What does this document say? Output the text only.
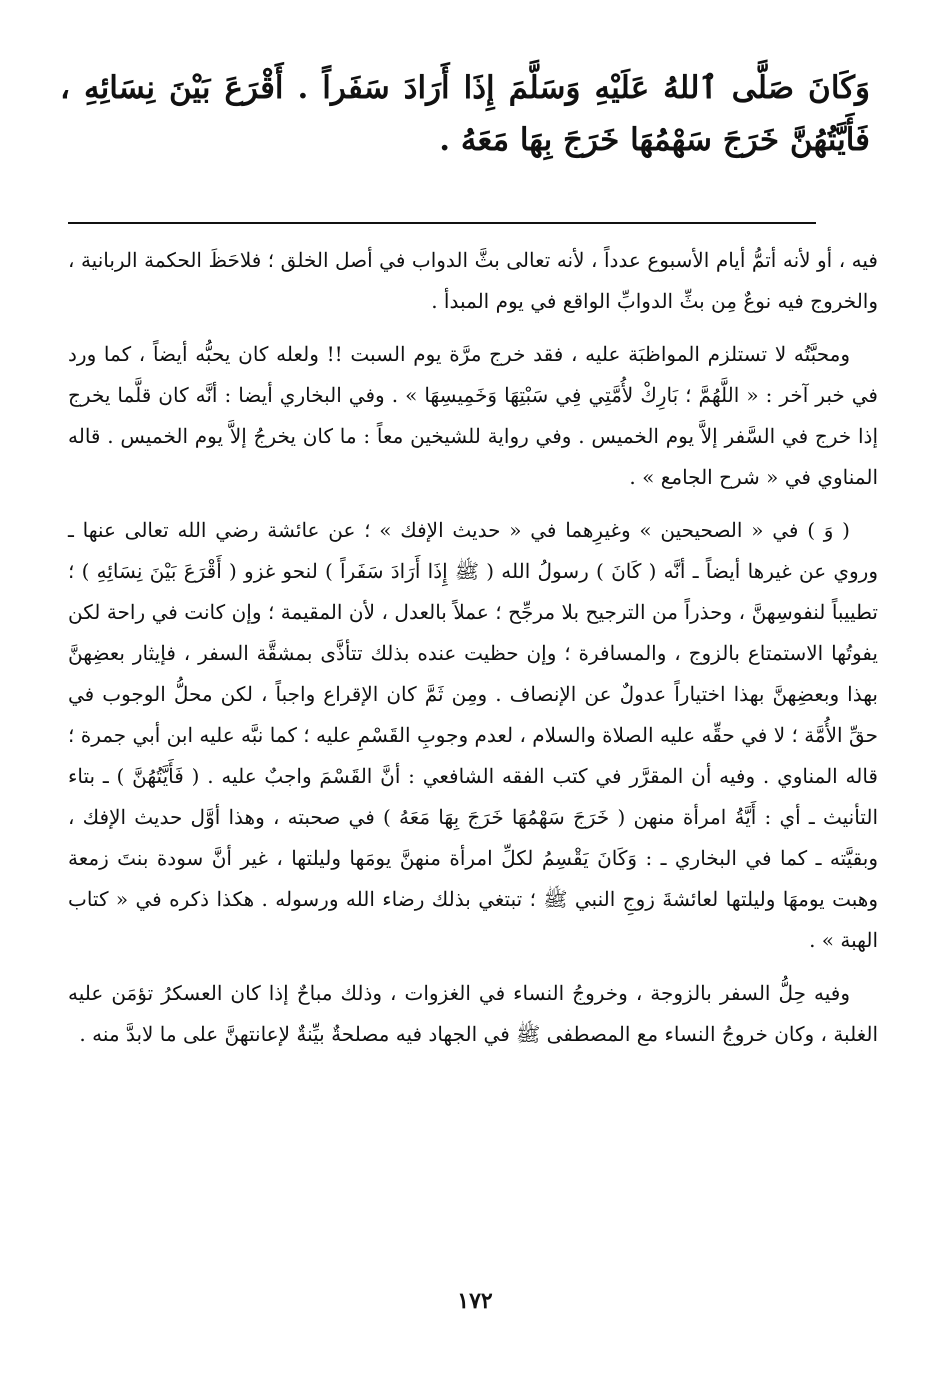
وَكَانَ صَلَّى ٱللهُ عَلَيْهِ وَسَلَّمَ إِذَا أَرَادَ سَفَراً . أَقْرَعَ بَيْنَ نِسَائِهِ ، فَأَيَّتُهُنَّ خَرَجَ سَهْمُهَا خَرَجَ بِهَا مَعَهُ .

فيه ، أو لأنه أتمُّ أيام الأسبوع عدداً ، لأنه تعالى بثَّ الدواب في أصل الخلق ؛ فلاحَظَ الحكمة الربانية ، والخروج فيه نوعٌ مِن بثِّ الدوابِّ الواقع في يوم المبدأ .

ومحبَّتُه لا تستلزم المواظبَة عليه ، فقد خرج مرَّة يوم السبت !! ولعله كان يحبُّه أيضاً ، كما ورد في خبر آخر : « اللَّهُمَّ ؛ بَارِكْ لأُمَّتِي فِي سَبْتِهَا وَخَمِيسِهَا » . وفي البخاري أيضا : أنَّه كان قلَّما يخرج إذا خرج في السَّفر إلاَّ يوم الخميس . وفي رواية للشيخين معاً : ما كان يخرجُ إلاَّ يوم الخميس . قاله المناوي في « شرح الجامع » .

( وَ ) في « الصحيحين » وغيرِهما في « حديث الإفك » ؛ عن عائشة رضي الله تعالى عنها ـ وروي عن غيرها أيضاً ـ أنَّه ( كَانَ ) رسولُ الله ( ﷺ إِذَا أَرَادَ سَفَراً ) لنحو غزو ( أَقْرَعَ بَيْنَ نِسَائِهِ ) ؛ تطييباً لنفوسِهنَّ ، وحذراً من الترجيح بلا مرجِّح ؛ عملاً بالعدل ، لأن المقيمة ؛ وإن كانت في راحة لكن يفوتُها الاستمتاع بالزوج ، والمسافرة ؛ وإن حظيت عنده بذلك تتأذَّى بمشقَّة السفر ، فإيثار بعضِهنَّ بهذا وبعضِهنَّ بهذا اختياراً عدولٌ عن الإنصاف . ومِن ثَمَّ كان الإقراع واجباً ، لكن محلُّ الوجوب في حقِّ الأُمَّة ؛ لا في حقِّه عليه الصلاة والسلام ، لعدم وجوبِ القَسْمِ عليه ؛ كما نبَّه عليه ابن أبي جمرة ؛ قاله المناوي . وفيه أن المقرَّر في كتب الفقه الشافعي : أنَّ القَسْمَ واجبٌ عليه . ( فَأَيَّتُهُنَّ ) ـ بتاء التأنيث ـ أي : أَيَّةُ امرأة منهن ( خَرَجَ سَهْمُهَا خَرَجَ بِهَا مَعَهُ ) في صحبته ، وهذا أوَّل حديث الإفك ، وبقيَّته ـ كما في البخاري ـ : وَكَانَ يَقْسِمُ لكلِّ امرأة منهنَّ يومَها وليلتها ، غير أنَّ سودة بنتَ زمعة وهبت يومهَا وليلتها لعائشةَ زوجِ النبي ﷺ ؛ تبتغي بذلك رضاء الله ورسوله . هكذا ذكره في « كتاب الهبة » .

وفيه حِلُّ السفر بالزوجة ، وخروجُ النساء في الغزوات ، وذلك مباحٌ إذا كان العسكرُ تؤمَن عليه الغلبة ، وكان خروجُ النساء مع المصطفى ﷺ في الجهاد فيه مصلحةٌ بيِّنةٌ لإعانتهنَّ على ما لابدَّ منه .

١٧٢
